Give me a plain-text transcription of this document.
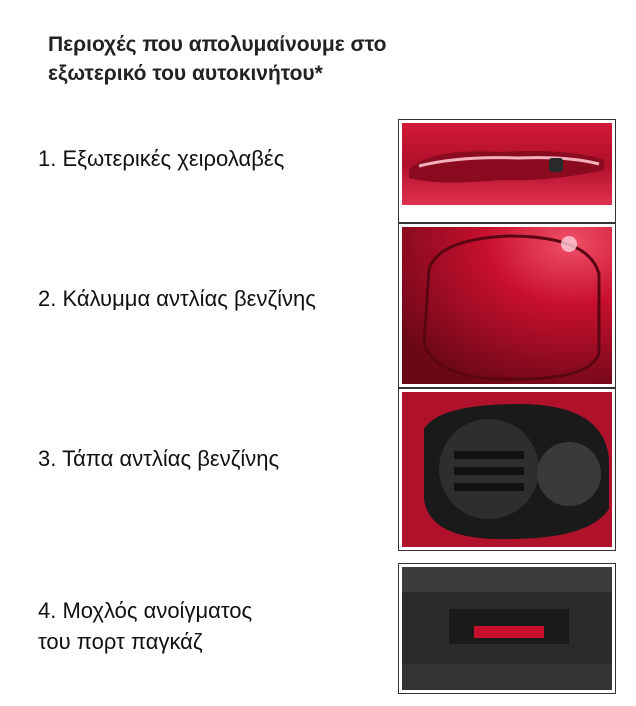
Περιοχές που απολυμαίνουμε στο
εξωτερικό του αυτοκινήτου*
1. Εξωτερικές χειρολαβές
2. Κάλυμμα αντλίας βενζίνης
3. Τάπα αντλίας βενζίνης
4. Μοχλός ανοίγματος
του πορτ παγκάζ
